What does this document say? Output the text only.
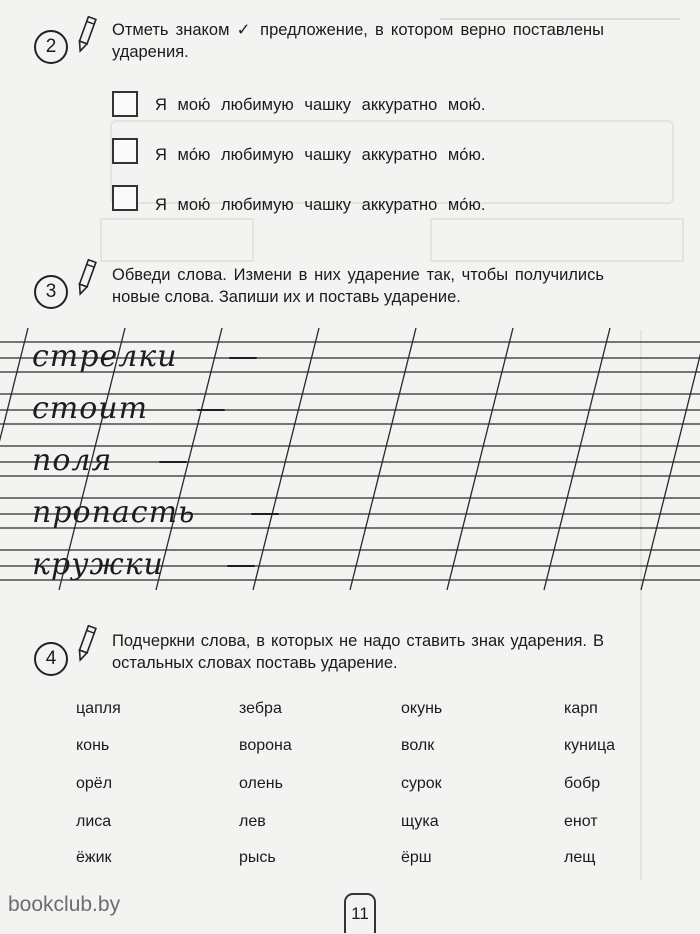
2
Отметь знаком ✓ предложение, в котором верно поставлены ударения.
Я мою́ любимую чашку аккуратно мою́.
Я мо́ю любимую чашку аккуратно мо́ю.
Я мою́ любимую чашку аккуратно мо́ю.
3
Обведи слова. Измени в них ударение так, чтобы получились новые слова. Запиши их и поставь ударение.
стрелки —
стоит —
поля —
пропасть —
кружки —
4
Подчеркни слова, в которых не надо ставить знак ударения. В остальных словах поставь ударение.
цапля
конь
орёл
лиса
ёжик
зебра
ворона
олень
лев
рысь
окунь
волк
сурок
щука
ёрш
карп
куница
бобр
енот
лещ
bookclub.by	11
